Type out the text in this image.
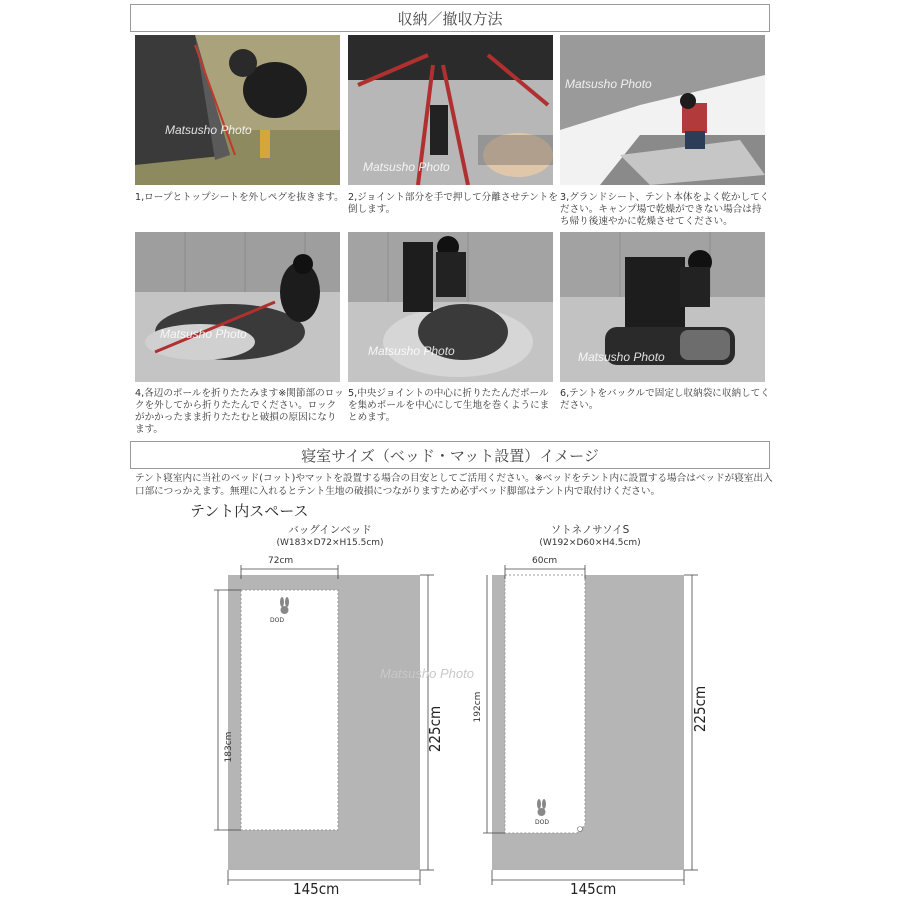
収納／撤収方法
Matsusho Photo
Matsusho Photo
Matsusho Photo
1,ロープとトップシートを外しペグを抜きます。 2,ジョイント部分を手で押して分離させテントを倒します。
3,グランドシート、テント本体をよく乾かしてください。キャンプ場で乾燥ができない場合は持ち帰り後速やかに乾燥させてください。
Matsusho Photo
Matsusho Photo	Matsusho Photo
4,各辺のポールを折りたたみます※関節部のロックを外してから折りたたんでください。ロックがかかったまま折りたたむと破損の原因になります。
5,中央ジョイントの中心に折りたたんだポールを集めポールを中心にして生地を巻くようにまとめます。
6,テントをバックルで固定し収納袋に収納してください。
寝室サイズ（ベッド・マット設置）イメージ
テント寝室内に当社のベッド(コット)やマットを設置する場合の目安としてご活用ください。※ベッドをテント内に設置する場合はベッドが寝室出入口部につっかえます。無理に入れるとテント生地の破損につながりますため必ずベッド脚部はテント内で取付けください。
テント内スペース
バッグインベッド
(W183×D72×H15.5cm)
72cm
183cm	225cm
145cm
DOD
Matsusho Photo
ソトネノサソイS
(W192×D60×H4.5cm)
60cm
192cm	225cm
145cm
DOD
